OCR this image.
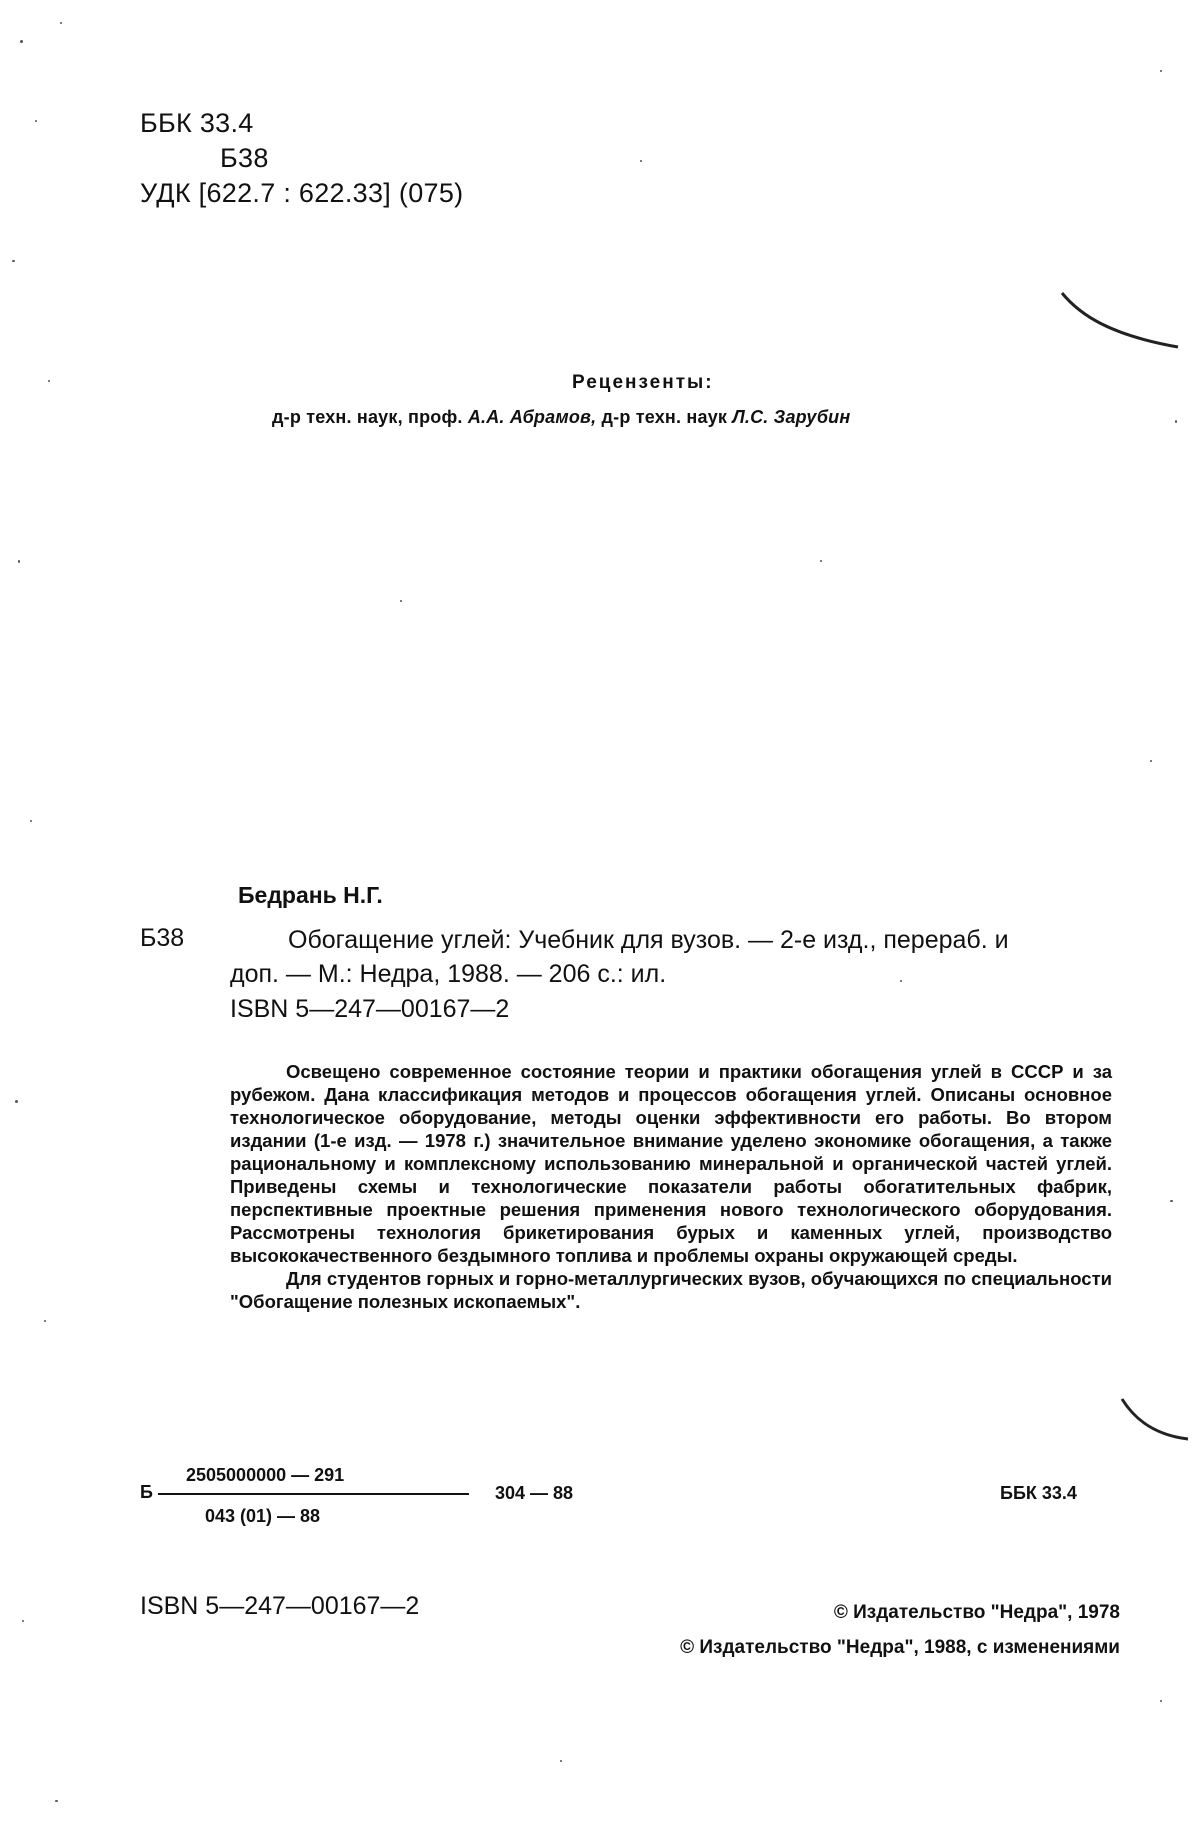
ББК 33.4
Б38
УДК [622.7 : 622.33] (075)
Рецензенты:
д-р техн. наук, проф. А.А. Абрамов, д-р техн. наук Л.С. Зарубин
Бедрань Н.Г.
Б38	Обогащение углей: Учебник для вузов. — 2-е изд., перераб. и
доп. — М.: Недра, 1988. — 206 с.: ил.
ISBN 5—247—00167—2

Освещено современное состояние теории и практики обогащения углей в СССР и за рубежом. Дана классификация методов и процессов обогащения углей. Описаны основное технологическое оборудование, методы оценки эффективности его работы. Во втором издании (1-е изд. — 1978 г.) значительное внимание уделено экономике обогащения, а также рациональному и комплексному использованию минеральной и органической частей углей. Приведены схемы и технологические показатели работы обогатительных фабрик, перспективные проектные решения применения нового технологического оборудования. Рассмотрены технология брикетирования бурых и каменных углей, производство высококачественного бездымного топлива и проблемы охраны окружающей среды.

Для студентов горных и горно-металлургических вузов, обучающихся по специальности "Обогащение полезных ископаемых".

Б
2505000000 — 291
043 (01) — 88
304 — 88	ББК 33.4
ISBN 5—247—00167—2	© Издательство "Недра", 1978
© Издательство "Недра", 1988, с изменениями
